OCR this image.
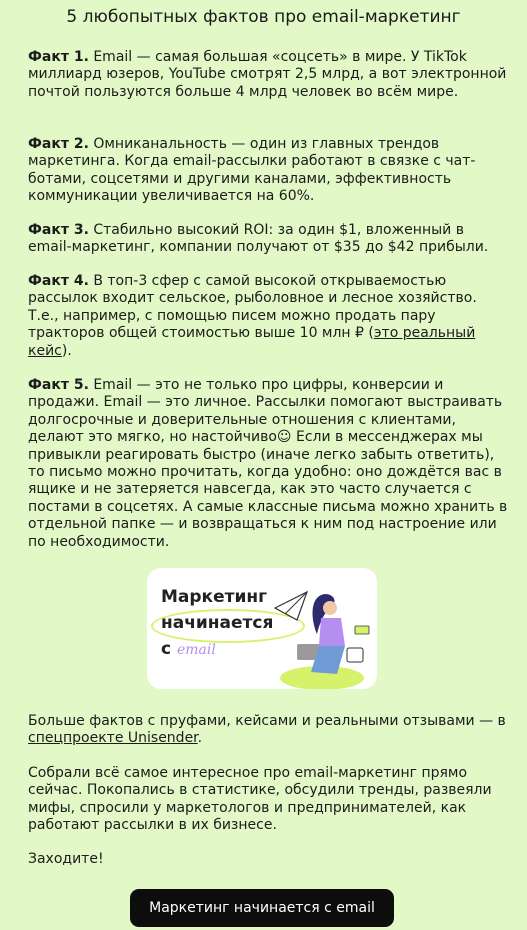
5 любопытных фактов про email-маркетинг
Факт 1. Email — самая большая «соцсеть» в мире. У TikTok миллиард юзеров, YouTube смотрят 2,5 млрд, а вот электронной почтой пользуются больше 4 млрд человек во всём мире.
Факт 2. Омниканальность — один из главных трендов маркетинга. Когда email-рассылки работают в связке с чат-ботами, соцсетями и другими каналами, эффективность коммуникации увеличивается на 60%.
Факт 3. Стабильно высокий ROI: за один $1, вложенный в email-маркетинг, компании получают от $35 до $42 прибыли.
Факт 4. В топ-3 сфер с самой высокой открываемостью рассылок входит сельское, рыболовное и лесное хозяйство. Т.е., например, с помощью писем можно продать пару тракторов общей стоимостью выше 10 млн ₽ (это реальный кейс).
Факт 5. Email — это не только про цифры, конверсии и продажи. Email — это личное. Рассылки помогают выстраивать долгосрочные и доверительные отношения с клиентами, делают это мягко, но настойчиво☺ Если в мессенджерах мы привыкли реагировать быстро (иначе легко забыть ответить), то письмо можно прочитать, когда удобно: оно дождётся вас в ящике и не затеряется навсегда, как это часто случается с постами в соцсетях. А самые классные письма можно хранить в отдельной папке — и возвращаться к ним под настроение или по необходимости.
Маркетинг
начинается
с email
Больше фактов с пруфами, кейсами и реальными отзывами — в спецпроекте Unisender.
Собрали всё самое интересное про email-маркетинг прямо сейчас. Покопались в статистике, обсудили тренды, развеяли мифы, спросили у маркетологов и предпринимателей, как работают рассылки в их бизнесе.
Заходите!
Маркетинг начинается с email
